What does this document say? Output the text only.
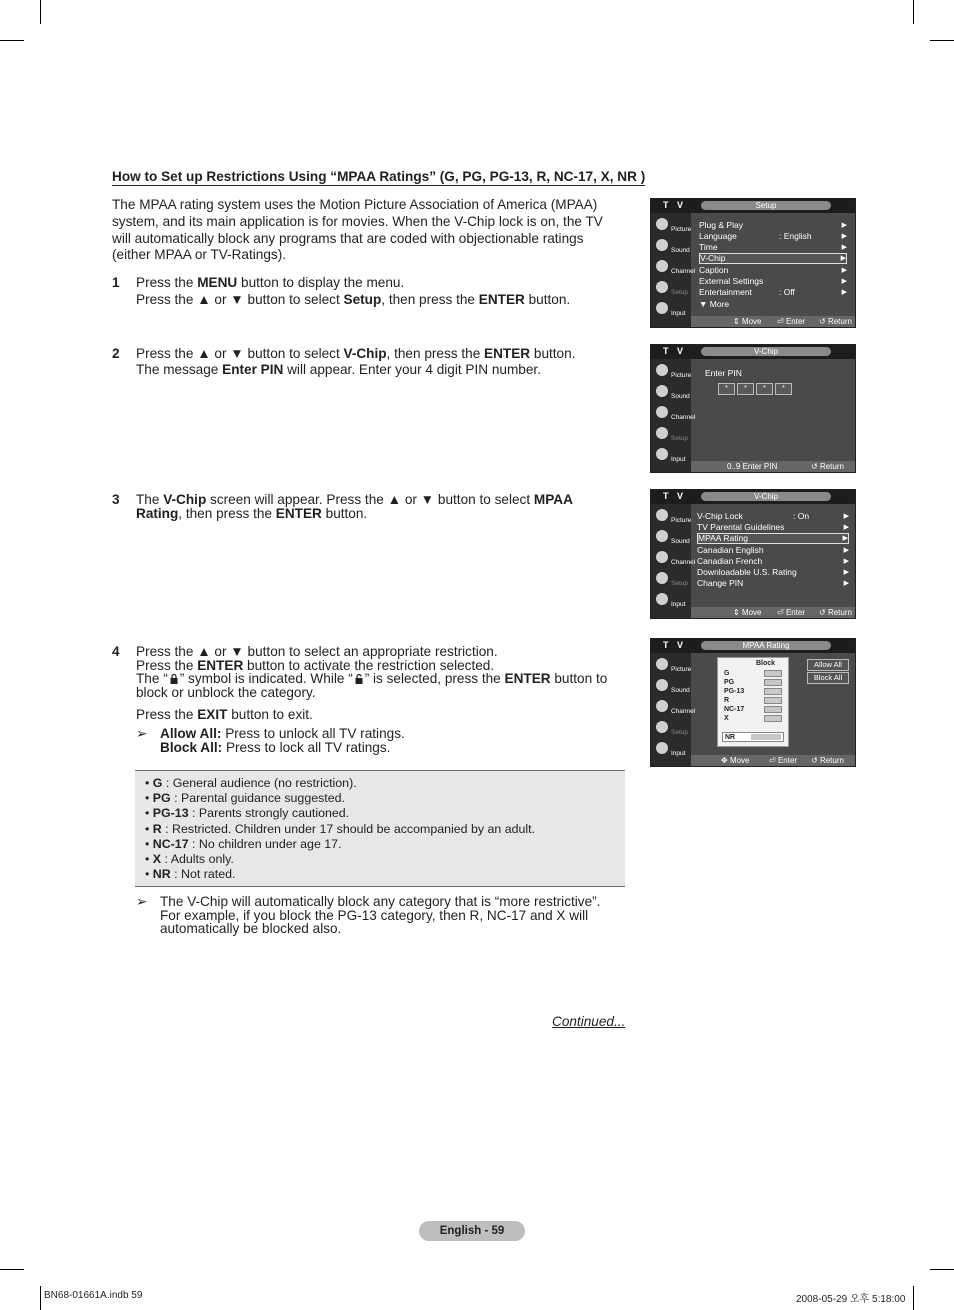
How to Set up Restrictions Using “MPAA Ratings” (G, PG, PG-13, R, NC-17, X, NR )

The MPAA rating system uses the Motion Picture Association of America (MPAA) system, and its main application is for movies. When the V-Chip lock is on, the TV will automatically block any programs that are coded with objectionable ratings (either MPAA or TV-Ratings).

1 Press the MENU button to display the menu.

Press the ▲ or ▼ button to select Setup, then press the ENTER button.

2 Press the ▲ or ▼ button to select V-Chip, then press the ENTER button.

The message Enter PIN will appear. Enter your 4 digit PIN number.

3 The V-Chip screen will appear. Press the ▲ or ▼ button to select MPAA Rating, then press the ENTER button.

4 Press the ▲ or ▼ button to select an appropriate restriction.

Press the ENTER button to activate the restriction selected.

The “ ” symbol is indicated. While “ ” is selected, press the ENTER button to block or unblock the category.

Press the EXIT button to exit.

➢ Allow All: Press to unlock all TV ratings.
Block All: Press to lock all TV ratings.
• G : General audience (no restriction).
• PG : Parental guidance suggested.
• PG-13 : Parents strongly cautioned.
• R : Restricted. Children under 17 should be accompanied by an adult.
• NC-17 : No children under age 17.
• X : Adults only.
• NR : Not rated.
➢ The V-Chip will automatically block any category that is “more restrictive”.
For example, if you block the PG-13 category, then R, NC-17 and X will
automatically be blocked also.
Continued...
T V	Setup
Picture
Sound
Channel
Setup
Input
Plug & Play	▶
Language	: English	▶
Time	▶
V-Chip	▶
Caption	▶
External Settings	▶
Entertainment	: Off	▶
▼ More
⇕ Move ⏎ Enter ↺ Return
T V	V-Chip
Picture
Sound
Channel
Setup
Input
Enter PIN
*	*	*	*
0..9 Enter PIN	↺ Return
T V	V-Chip
Picture
Sound
Channel
Setup
Input
V-Chip Lock	: On	▶
TV Parental Guidelines	▶
MPAA Rating	▶
Canadian English	▶
Canadian French	▶
Downloadable U.S. Rating	▶
Change PIN	▶
⇕ Move ⏎ Enter ↺ Return
T V	MPAA Rating
Picture
Sound
Channel
Setup
Input
Block
G
PG
PG-13
R
NC-17
X
NR
Allow All
Block All
✥ Move ⏎ Enter ↺ Return
English - 59
BN68-01661A.indb 59	2008-05-29 오후 5:18:00
